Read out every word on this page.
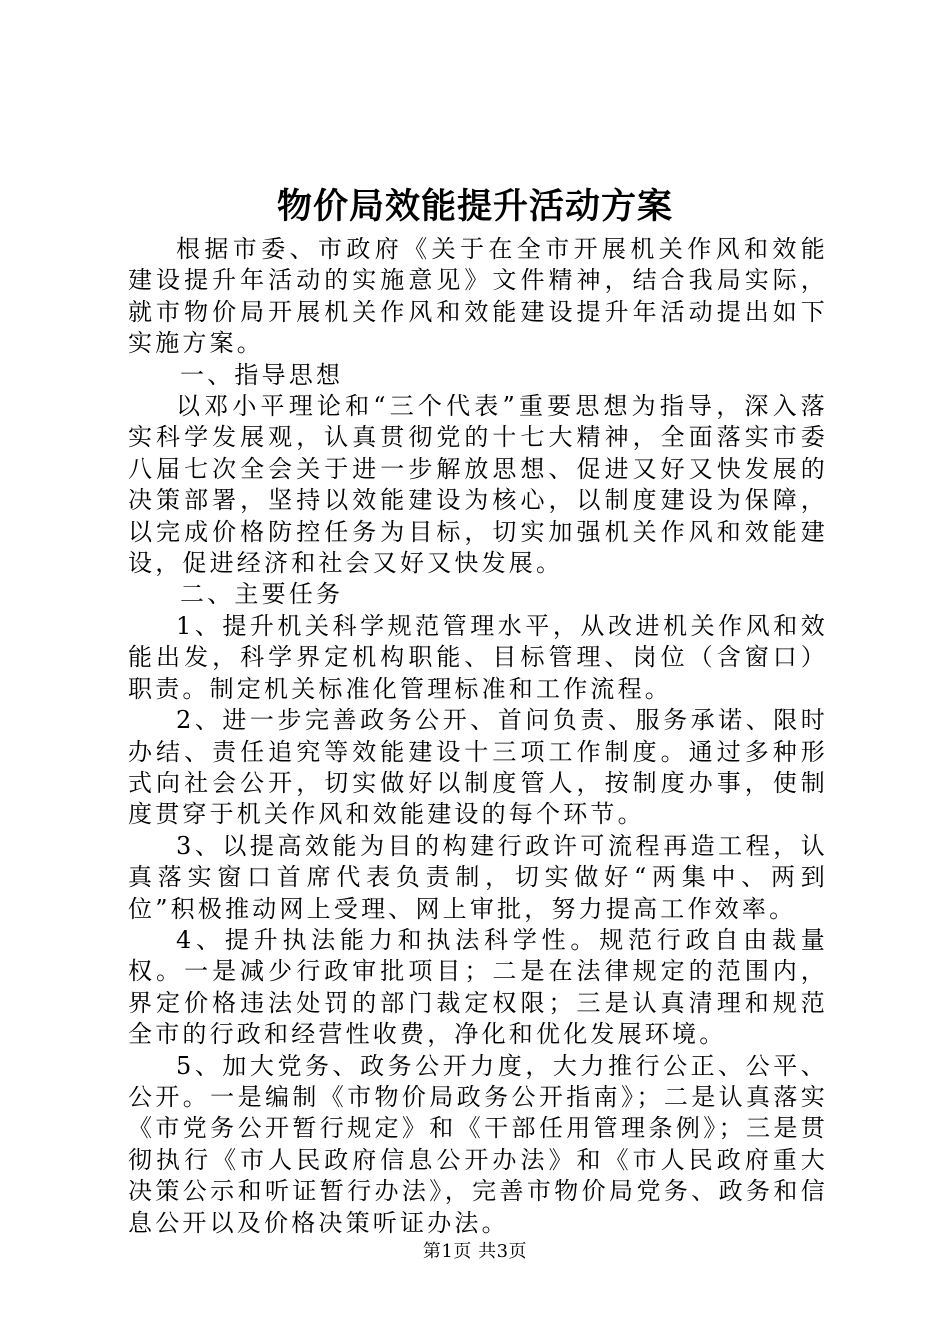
物价局效能提升活动方案

根据市委、市政府《关于在全市开展机关作风和效能建设提升年活动的实施意见》文件精神，结合我局实际，就市物价局开展机关作风和效能建设提升年活动提出如下实施方案。

一、指导思想

以邓小平理论和“三个代表”重要思想为指导，深入落实科学发展观，认真贯彻党的十七大精神，全面落实市委八届七次全会关于进一步解放思想、促进又好又快发展的决策部署，坚持以效能建设为核心，以制度建设为保障，以完成价格防控任务为目标，切实加强机关作风和效能建设，促进经济和社会又好又快发展。

二、主要任务

1、提升机关科学规范管理水平，从改进机关作风和效能出发，科学界定机构职能、目标管理、岗位（含窗口）职责。制定机关标准化管理标准和工作流程。

2、进一步完善政务公开、首问负责、服务承诺、限时办结、责任追究等效能建设十三项工作制度。通过多种形式向社会公开，切实做好以制度管人，按制度办事，使制度贯穿于机关作风和效能建设的每个环节。

3、以提高效能为目的构建行政许可流程再造工程，认真落实窗口首席代表负责制，切实做好“两集中、两到位”积极推动网上受理、网上审批，努力提高工作效率。

4、提升执法能力和执法科学性。规范行政自由裁量权。一是减少行政审批项目；二是在法律规定的范围内，界定价格违法处罚的部门裁定权限；三是认真清理和规范全市的行政和经营性收费，净化和优化发展环境。

5、加大党务、政务公开力度，大力推行公正、公平、公开。一是编制《市物价局政务公开指南》；二是认真落实《市党务公开暂行规定》和《干部任用管理条例》；三是贯彻执行《市人民政府信息公开办法》和《市人民政府重大决策公示和听证暂行办法》，完善市物价局党务、政务和信息公开以及价格决策听证办法。

第1页 共3页
